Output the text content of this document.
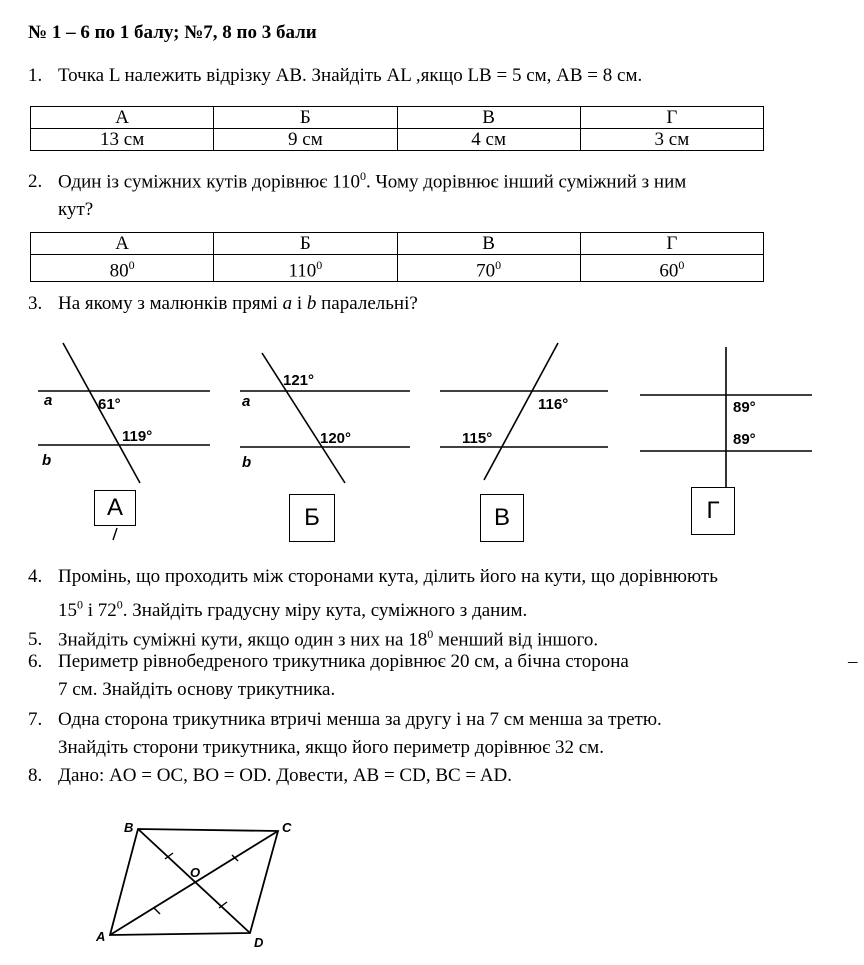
№ 1 – 6 по 1 балу; №7, 8 по 3 бали
1. Точка L належить відрізку AB. Знайдіть AL ,якщо LB = 5 см, AB = 8 см.
А	Б	В	Г
13 см	9 см	4 см	3 см
2. Один із суміжних кутів дорівнює $110^0$. Чому дорівнює інший суміжний з ним
кут?
А	Б	В	Г
$80^0$	$110^0$	$70^0$	$60^0$
3. На якому з малюнків прямі a і b паралельні?
a
b
61°
119°
a
b
121°
120°
116°
115°
89°
89°
А	Б	В	Г
4. Промінь, що проходить між сторонами кута, ділить його на кути, що дорівнюють
$15^0$ і $72^0$. Знайдіть градусну міру кута, суміжного з даним.
5. Знайдіть суміжні кути, якщо один з них на $18^0$ менший від іншого.
6. Периметр рівнобедреного трикутника дорівнює 20 см, а бічна сторона
7 см. Знайдіть основу трикутника.
–
7. Одна сторона трикутника втричі менша за другу і на 7 см менша за третю.
Знайдіть сторони трикутника, якщо його периметр дорівнює 32 см.
8. Дано: AO = OC, BO = OD. Довести, AB = CD, BC = AD.
B	C
A	D
O
